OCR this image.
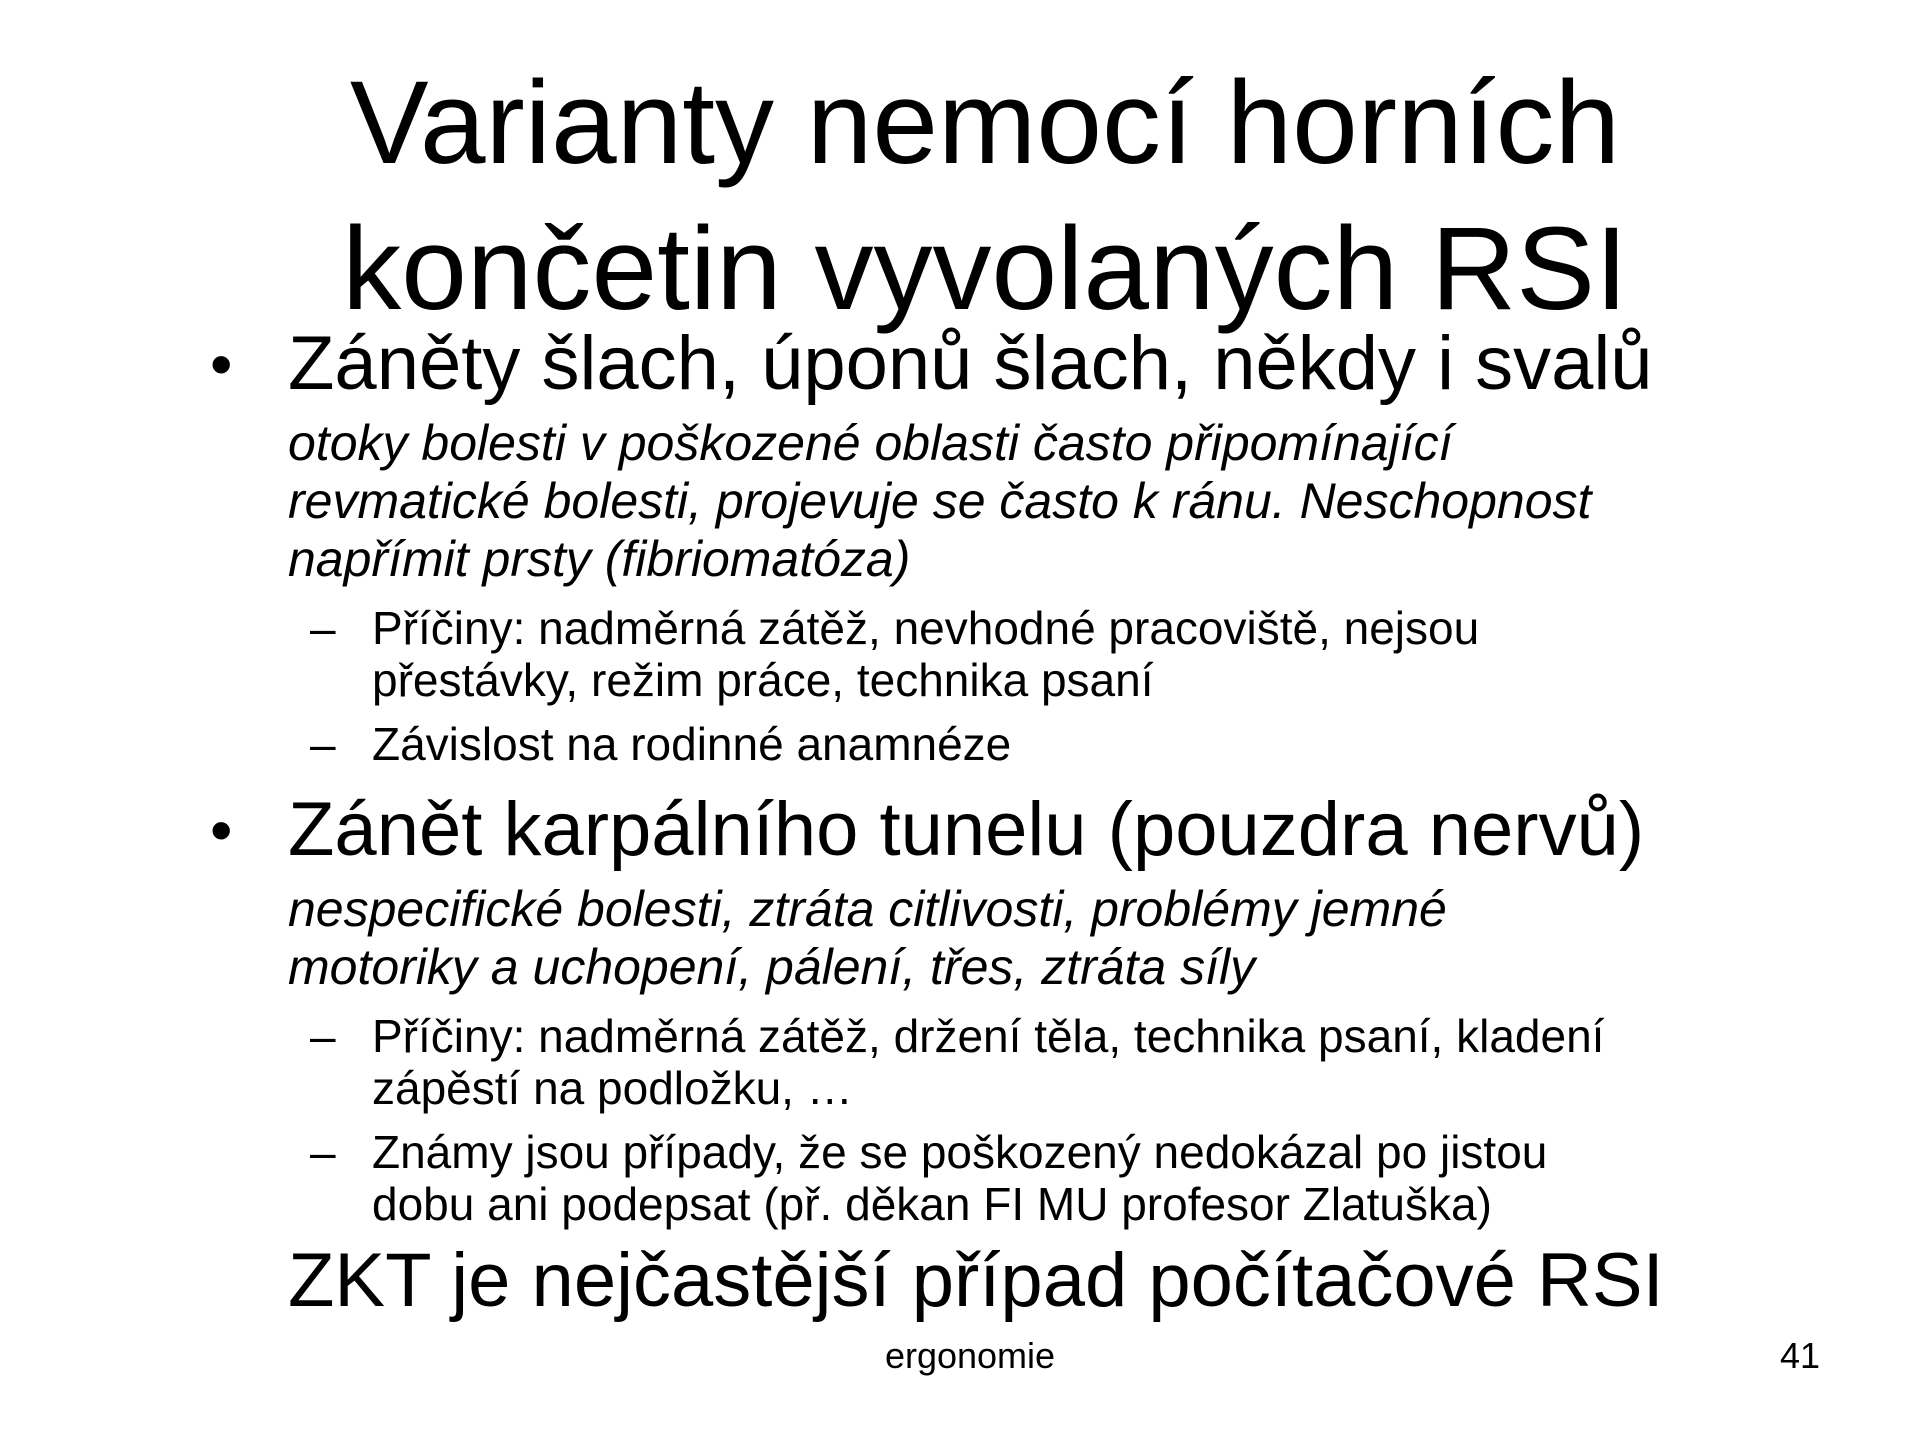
Varianty nemocí horních
končetin vyvolaných RSI
• Záněty šlach, úponů šlach, někdy i svalů
otoky bolesti v poškozené oblasti často připomínající
revmatické bolesti, projevuje se často k ránu. Neschopnost
napřímit prsty (fibriomatóza)
– Příčiny: nadměrná zátěž, nevhodné pracoviště, nejsou
přestávky, režim práce, technika psaní
– Závislost na rodinné anamnéze
• Zánět karpálního tunelu (pouzdra nervů)
nespecifické bolesti, ztráta citlivosti, problémy jemné
motoriky a uchopení, pálení, třes, ztráta síly
– Příčiny: nadměrná zátěž, držení těla, technika psaní, kladení
zápěstí na podložku, …
– Známy jsou případy, že se poškozený nedokázal po jistou
dobu ani podepsat (př. děkan FI MU profesor Zlatuška)
ZKT je nejčastější případ počítačové RSI
ergonomie	41
